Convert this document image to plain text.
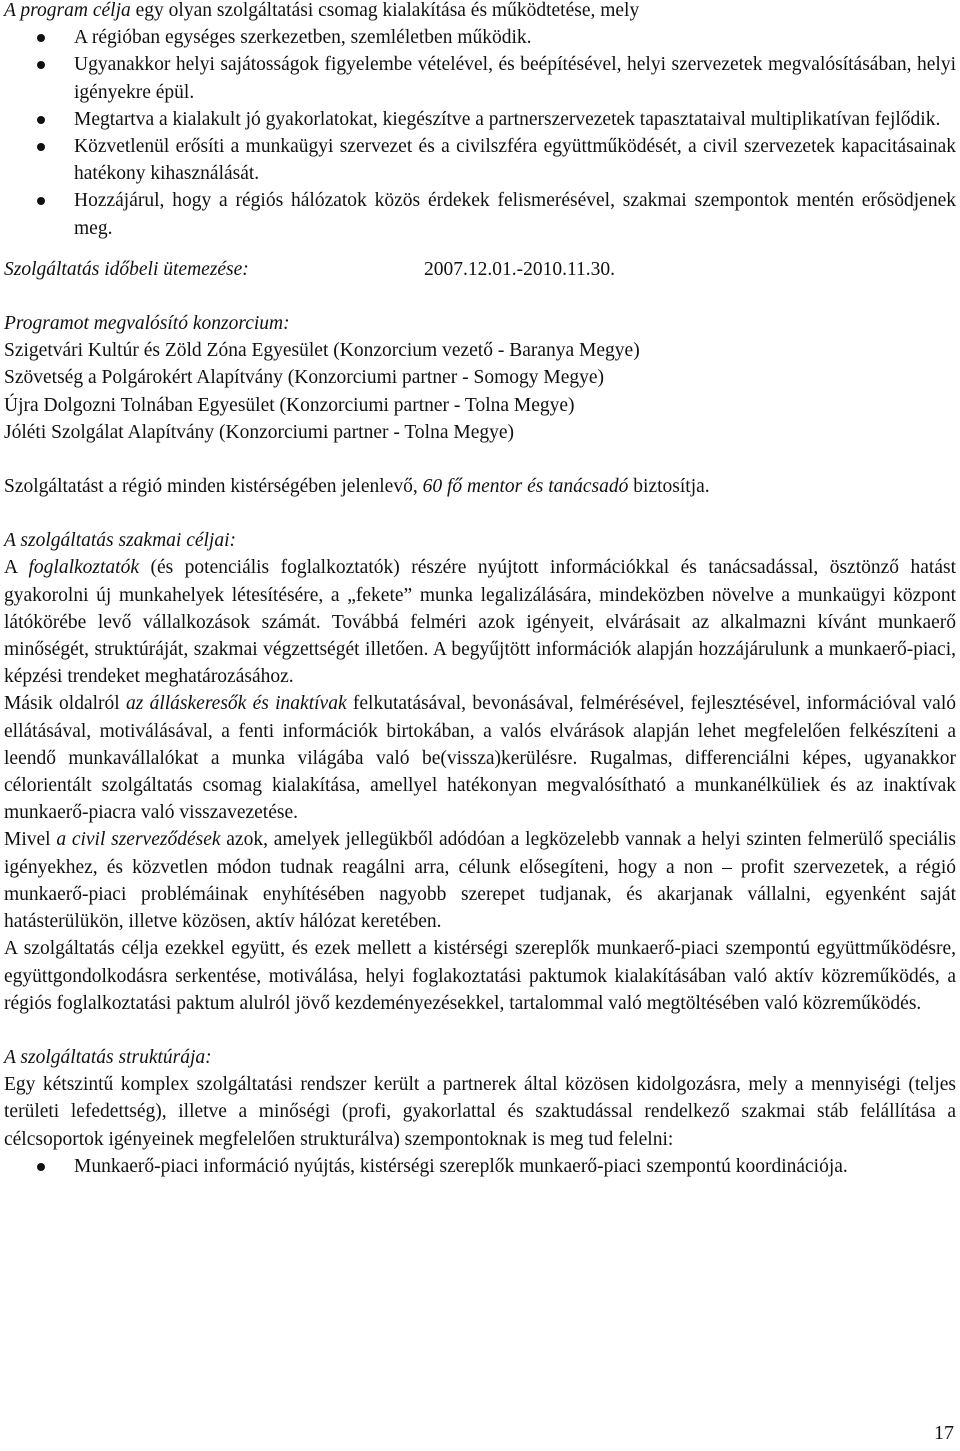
A program célja egy olyan szolgáltatási csomag kialakítása és működtetése, mely

A régióban egységes szerkezetben, szemléletben működik.
Ugyanakkor helyi sajátosságok figyelembe vételével, és beépítésével, helyi szervezetek megvalósításában, helyi igényekre épül.
Megtartva a kialakult jó gyakorlatokat, kiegészítve a partnerszervezetek tapasztataival multiplikatívan fejlődik.
Közvetlenül erősíti a munkaügyi szervezet és a civilszféra együttműködését, a civil szervezetek kapacitásainak hatékony kihasználását.
Hozzájárul, hogy a régiós hálózatok közös érdekek felismerésével, szakmai szempontok mentén erősödjenek meg.
Szolgáltatás időbeli ütemezése:	2007.12.01.-2010.11.30.

Programot megvalósító konzorcium:

Szigetvári Kultúr és Zöld Zóna Egyesület (Konzorcium vezető - Baranya Megye)

Szövetség a Polgárokért Alapítvány (Konzorciumi partner - Somogy Megye)

Újra Dolgozni Tolnában Egyesület (Konzorciumi partner - Tolna Megye)

Jóléti Szolgálat Alapítvány (Konzorciumi partner - Tolna Megye)

Szolgáltatást a régió minden kistérségében jelenlevő, 60 fő mentor és tanácsadó biztosítja.

A szolgáltatás szakmai céljai:

A foglalkoztatók (és potenciális foglalkoztatók) részére nyújtott információkkal és tanácsadással, ösztönző hatást gyakorolni új munkahelyek létesítésére, a „fekete” munka legalizálására, mindeközben növelve a munkaügyi központ látókörébe levő vállalkozások számát. Továbbá felméri azok igényeit, elvárásait az alkalmazni kívánt munkaerő minőségét, struktúráját, szakmai végzettségét illetően. A begyűjtött információk alapján hozzájárulunk a munkaerő-piaci, képzési trendeket meghatározásához.

Másik oldalról az álláskeresők és inaktívak felkutatásával, bevonásával, felmérésével, fejlesztésével, információval való ellátásával, motiválásával, a fenti információk birtokában, a valós elvárások alapján lehet megfelelően felkészíteni a leendő munkavállalókat a munka világába való be(vissza)kerülésre. Rugalmas, differenciálni képes, ugyanakkor célorientált szolgáltatás csomag kialakítása, amellyel hatékonyan megvalósítható a munkanélküliek és az inaktívak munkaerő-piacra való visszavezetése.

Mivel a civil szerveződések azok, amelyek jellegükből adódóan a legközelebb vannak a helyi szinten felmerülő speciális igényekhez, és közvetlen módon tudnak reagálni arra, célunk elősegíteni, hogy a non – profit szervezetek, a régió munkaerő-piaci problémáinak enyhítésében nagyobb szerepet tudjanak, és akarjanak vállalni, egyenként saját hatásterülükön, illetve közösen, aktív hálózat keretében.

A szolgáltatás célja ezekkel együtt, és ezek mellett a kistérségi szereplők munkaerő-piaci szempontú együttműködésre, együttgondolkodásra serkentése, motiválása, helyi foglakoztatási paktumok kialakításában való aktív közreműködés, a régiós foglalkoztatási paktum alulról jövő kezdeményezésekkel, tartalommal való megtöltésében való közreműködés.

A szolgáltatás struktúrája:

Egy kétszintű komplex szolgáltatási rendszer került a partnerek által közösen kidolgozásra, mely a mennyiségi (teljes területi lefedettség), illetve a minőségi (profi, gyakorlattal és szaktudással rendelkező szakmai stáb felállítása a célcsoportok igényeinek megfelelően strukturálva) szempontoknak is meg tud felelni:

Munkaerő-piaci információ nyújtás, kistérségi szereplők munkaerő-piaci szempontú koordinációja.
17
